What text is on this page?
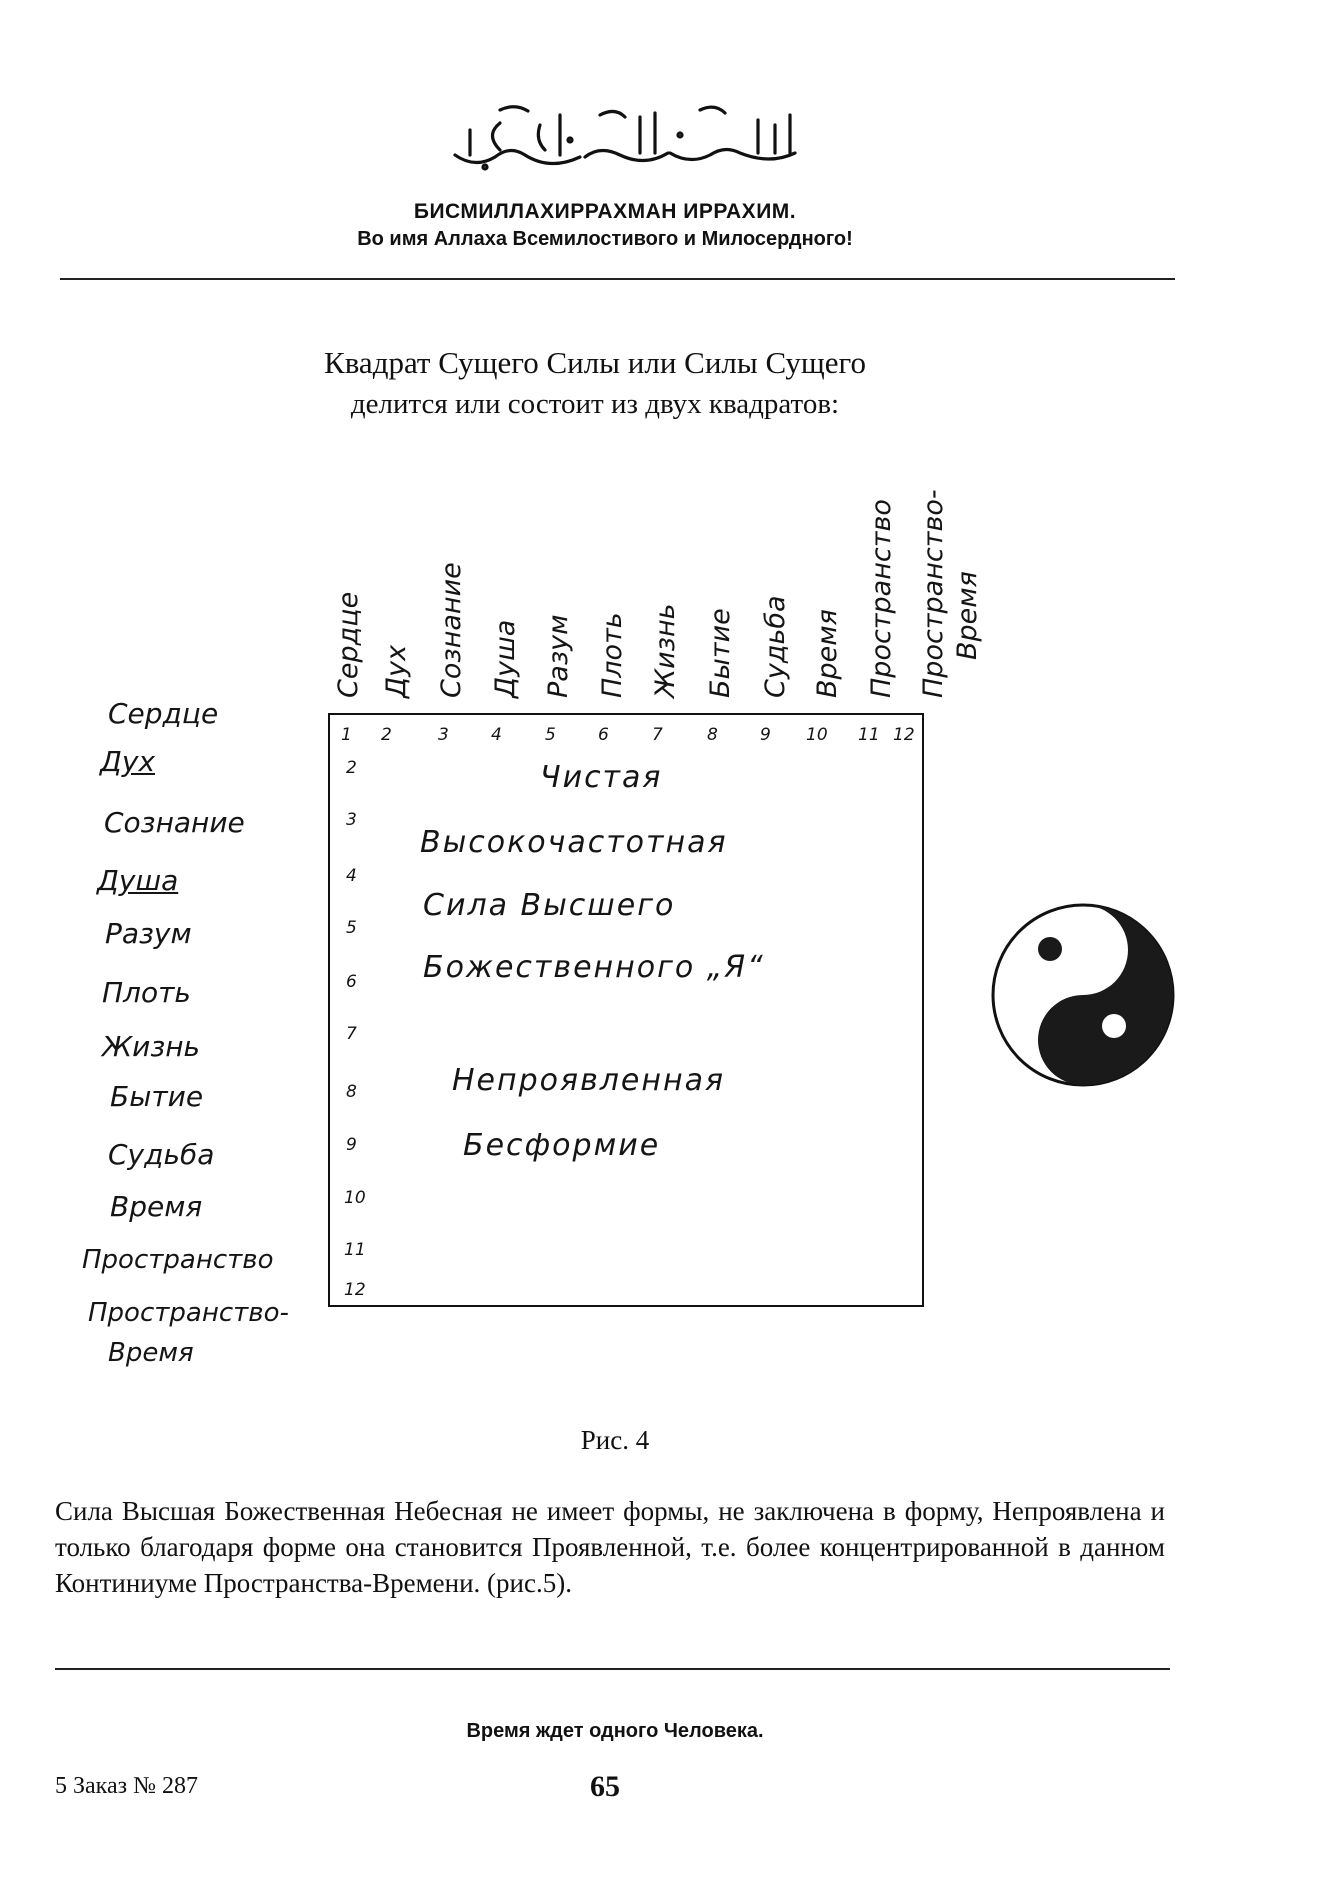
БИСМИЛЛАХИРРАХМАН ИРРАХИМ.
Во имя Аллаха Всемилостивого и Милосердного!
Квадрат Сущего Силы или Силы Сущего
делится или состоит из двух квадратов:
Сердце Дух Сознание Душа Разум Плоть Жизнь Бытие Судьба Время Пространство Пространство- Время
Сердце
Дух
Сознание
Душа
Разум
Плоть
Жизнь
Бытие
Судьба
Время
Пространство
Пространство-
Время
1 2	3 4	5 6	7	8 9 10 11 12
2
3
4
5
6
7
8
9
10
11
12
Чистая
Высокочастотная
Сила Высшего
Божественного „Я“
Непроявленная
Бесформие
Рис. 4

Сила Высшая Божественная Небесная не имеет формы, не заключена в форму, Непроявлена и только благодаря форме она становится Проявленной, т.е. более концентрированной в данном Континиуме Пространства-Времени. (рис.5).

Время ждет одного Человека.
5 Заказ № 287	65
